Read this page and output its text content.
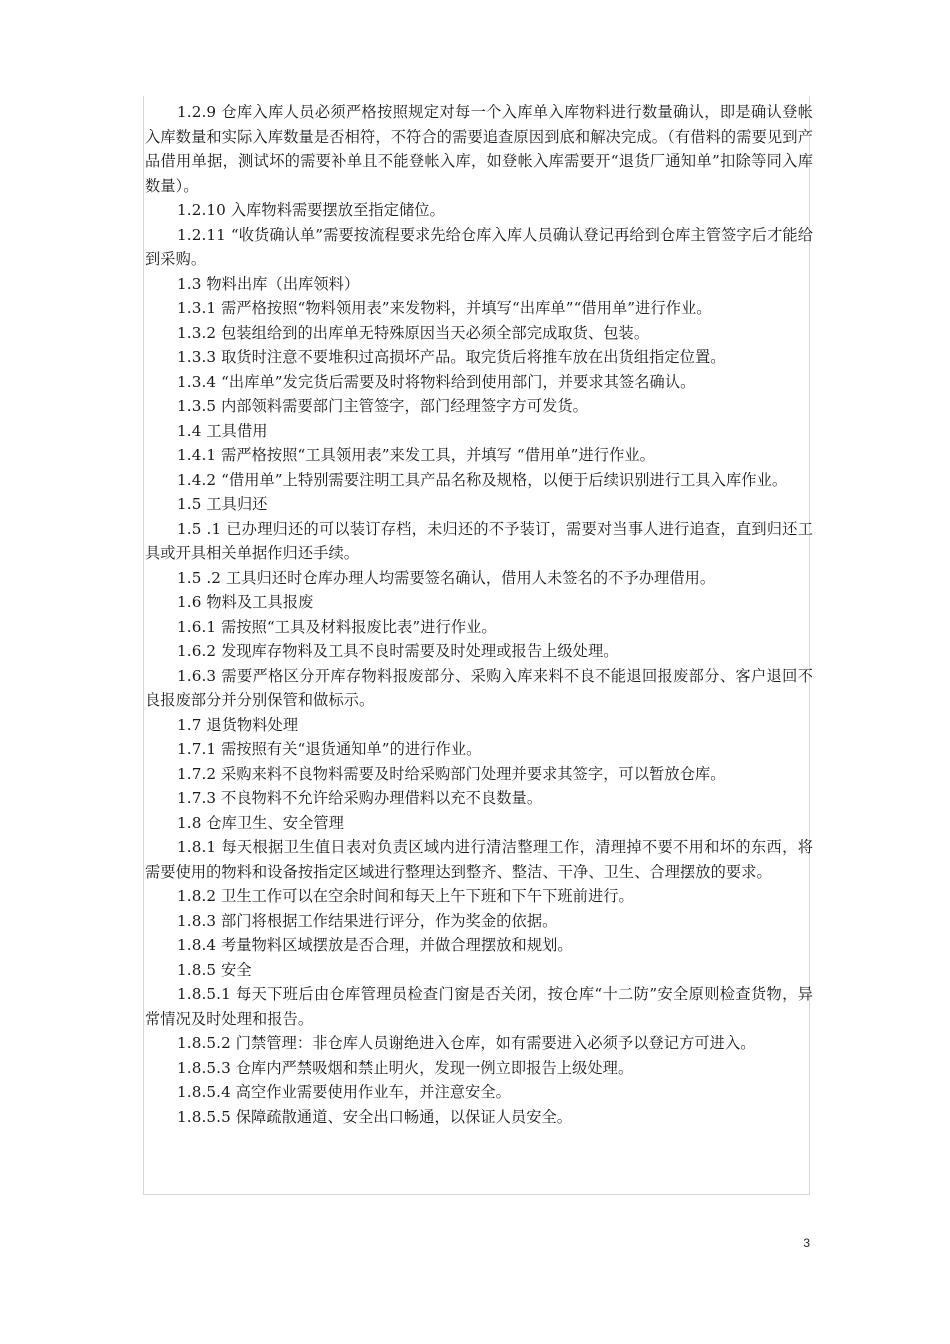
1.2.9 仓库入库人员必须严格按照规定对每一个入库单入库物料进行数量确认，即是确认登帐入库数量和实际入库数量是否相符，不符合的需要追查原因到底和解决完成。（有借料的需要见到产品借用单据，测试坏的需要补单且不能登帐入库，如登帐入库需要开“退货厂通知单”扣除等同入库数量）。

1.2.10 入库物料需要摆放至指定储位。

1.2.11 “收货确认单”需要按流程要求先给仓库入库人员确认登记再给到仓库主管签字后才能给到采购。

1.3 物料出库（出库领料）

1.3.1 需严格按照“物料领用表”来发物料，并填写“出库单”“借用单”进行作业。

1.3.2 包装组给到的出库单无特殊原因当天必须全部完成取货、包装。

1.3.3 取货时注意不要堆积过高损坏产品。取完货后将推车放在出货组指定位置。

1.3.4 “出库单”发完货后需要及时将物料给到使用部门，并要求其签名确认。

1.3.5 内部领料需要部门主管签字，部门经理签字方可发货。

1.4 工具借用

1.4.1 需严格按照“工具领用表”来发工具，并填写 “借用单”进行作业。

1.4.2 “借用单”上特别需要注明工具产品名称及规格，以便于后续识别进行工具入库作业。

1.5 工具归还

1.5 .1 已办理归还的可以装订存档，未归还的不予装订，需要对当事人进行追查，直到归还工具或开具相关单据作归还手续。

1.5 .2 工具归还时仓库办理人均需要签名确认，借用人未签名的不予办理借用。

1.6 物料及工具报废

1.6.1 需按照“工具及材料报废比表”进行作业。

1.6.2 发现库存物料及工具不良时需要及时处理或报告上级处理。

1.6.3 需要严格区分开库存物料报废部分、采购入库来料不良不能退回报废部分、客户退回不良报废部分并分别保管和做标示。

1.7 退货物料处理

1.7.1 需按照有关“退货通知单”的进行作业。

1.7.2 采购来料不良物料需要及时给采购部门处理并要求其签字，可以暂放仓库。

1.7.3 不良物料不允许给采购办理借料以充不良数量。

1.8 仓库卫生、安全管理

1.8.1 每天根据卫生值日表对负责区域内进行清洁整理工作，清理掉不要不用和坏的东西，将需要使用的物料和设备按指定区域进行整理达到整齐、整洁、干净、卫生、合理摆放的要求。

1.8.2 卫生工作可以在空余时间和每天上午下班和下午下班前进行。

1.8.3 部门将根据工作结果进行评分，作为奖金的依据。

1.8.4 考量物料区域摆放是否合理，并做合理摆放和规划。

1.8.5 安全

1.8.5.1 每天下班后由仓库管理员检查门窗是否关闭，按仓库“十二防”安全原则检查货物，异常情况及时处理和报告。

1.8.5.2 门禁管理：非仓库人员谢绝进入仓库，如有需要进入必须予以登记方可进入。

1.8.5.3 仓库内严禁吸烟和禁止明火，发现一例立即报告上级处理。

1.8.5.4 高空作业需要使用作业车，并注意安全。

1.8.5.5 保障疏散通道、安全出口畅通，以保证人员安全。

3
